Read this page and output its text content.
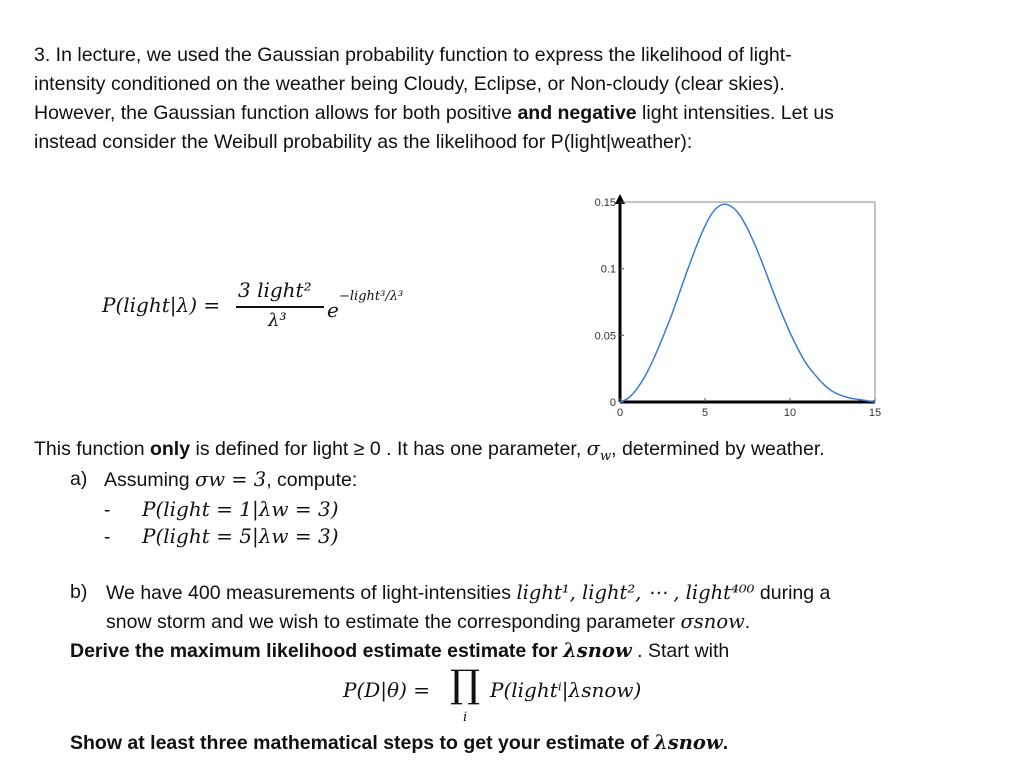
3. In lecture, we used the Gaussian probability function to express the likelihood of light-
intensity conditioned on the weather being Cloudy, Eclipse, or Non-cloudy (clear skies).
However, the Gaussian function allows for both positive and negative light intensities. Let us
instead consider the Weibull probability as the likelihood for P(light|weather):
P(light|λ) =
3 light²
λ³ e
−light³/λ³
0	5	10	15
0
0.05
0.1
0.15
This function only is defined for light ≥ 0 . It has one parameter, $\sigma_w$, determined by weather.
a) Assuming σw = 3, compute:
- P(light = 1|λw = 3)
- P(light = 5|λw = 3)
b) We have 400 measurements of light-intensities light¹, light², ⋯ , light⁴⁰⁰ during a
snow storm and we wish to estimate the corresponding parameter σsnow.
Derive the maximum likelihood estimate estimate for λsnow . Start with
P(D|θ) = ∏
i
P(lightⁱ|λsnow)
Show at least three mathematical steps to get your estimate of λsnow.
